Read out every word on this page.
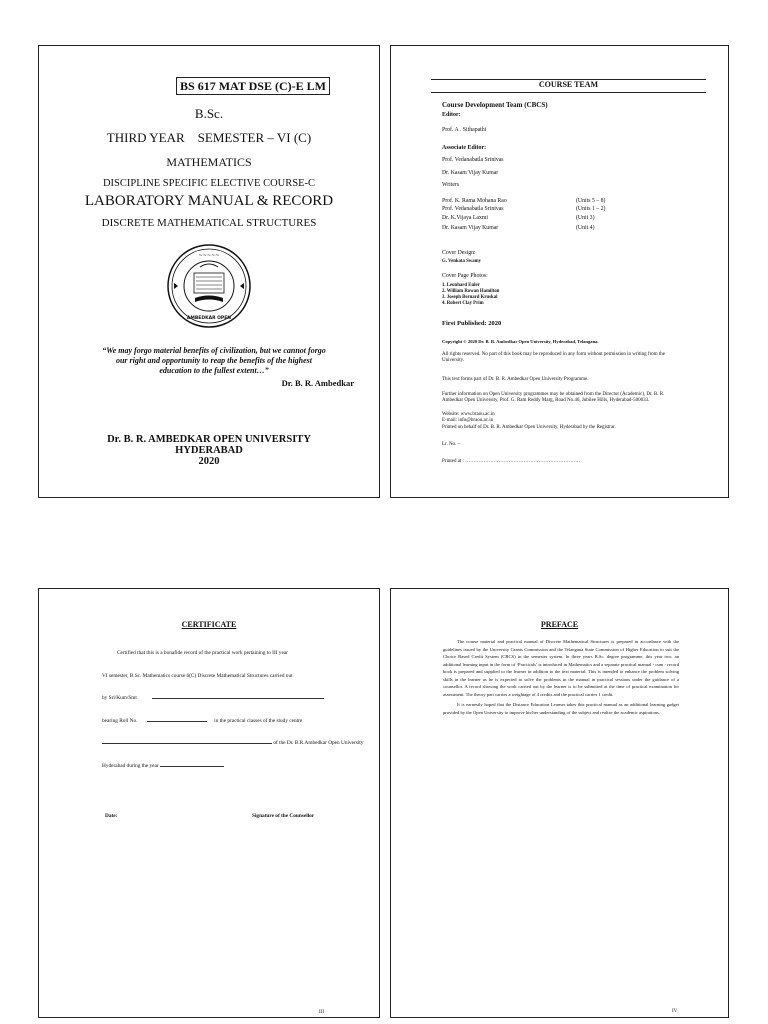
BS 617 MAT DSE (C)-E LM
B.Sc.
THIRD YEAR    SEMESTER – VI (C)
MATHEMATICS
DISCIPLINE SPECIFIC ELECTIVE COURSE-C
LABORATORY MANUAL & RECORD
DISCRETE MATHEMATICAL STRUCTURES
~~~~~
AMBEDKAR OPEN
“We may forgo material benefits of civilization, but we cannot forgo our right and opportunity to reap the benefits of the highest education to the fullest extent…”
Dr. B. R. Ambedkar
Dr. B. R. AMBEDKAR OPEN UNIVERSITY
HYDERABAD
2020
COURSE TEAM
Course Development Team (CBCS)
Editor:
Prof. A . Sithapathi
Associate Editor:
Prof. Vedanabatla Srinivas
Dr. Kasam Vijay Kumar
Writers
Prof. K. Rama Mohana Rao	(Units 5 – 8)
Prof. Vedanabatla Srinivas	(Units 1 – 2)
Dr. K.Vijaya Laxmi	(Unit 3)
Dr. Kasam Vijay Kumar	(Unit 4)
Cover Design:
G. Venkata Swamy
Cover Page Photos:
1. Leonhard Euler
2. William Rowan Hamilton
3. Joseph Bernard Kruskal
4. Robert Clay Prim
First Published: 2020
Copyright © 2020 Dr. B. R. Ambedkar Open University, Hyderabad, Telangana.
All rights reserved. No part of this book may be reproduced in any form without permission in writing from the University.
This text forms part of Dr. B. R. Ambedkar Open University Programme.
Further information on Open University programmes may be obtained from the Director (Academic), Dr. B. R. Ambedkar Open University, Prof. G. Ram Reddy Marg, Road No.46, Jubilee Hills, Hyderabad-500033.
Website: www.braou.ac.in
E-mail: info@braou.ac.in
Printed on behalf of Dr. B. R. Ambedkar Open University, Hyderabad by the Registrar.
Lr. No. –
Printed at : ……………………………………………………………
CERTIFICATE
Certified that this is a bonafide record of the practical work pertaining to III year
VI semester, B.Sc. Mathematics course 6(C) Discrete Mathematical Structures carried out
by Sri/Kum/Smt
bearing Roll No.	in the practical classes of the study centre
of the Dr. B.R.Ambedkar Open University
Hyderabad during the year
Date:	Signature of the Counsellor
III
PREFACE

The course material and practical manual of Discrete Mathematical Structures is prepared in accordance with the guidelines issued by the University Grants Commission and the Telangana State Commission of Higher Education to suit the Choice Based Credit System (CBCS) in the semester system. In three years B.Sc. degree programme, this year two, an additional learning input in the form of ‘Practicals’ is introduced in Mathematics and a separate practical manual - cum - record book is prepared and supplied to the learner in addition to the text material. This is intended to enhance the problem solving skills in the learner as he is expected to solve the problems in the manual in practical sessions under the guidance of a counsellor. A record showing the work carried out by the learner is to be submitted at the time of practical examination for assessment. The theory part carries a weightage of 4 credits and the practical carries 1 credit.

It is earnestly hoped that the Distance Education Learner takes this practical manual as an additional learning gadget provided by the Open University to improve his/her understanding of the subject and realize the academic aspirations.

IV
